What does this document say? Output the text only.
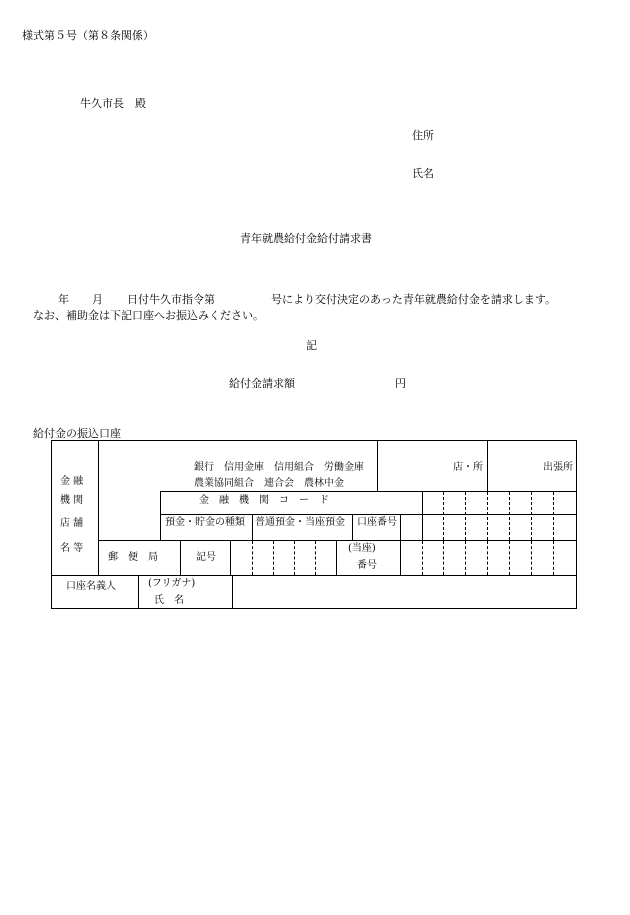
様式第５号（第８条関係）
牛久市長　殿
住所
氏名
青年就農給付金給付請求書
年 月 日付牛久市指令第	号により交付決定のあった青年就農給付金を請求します。
なお、補助金は下記口座へお振込みください。
記
給付金請求額	円
給付金の振込口座
金 融
機 関
店 舗
名 等
銀行　信用金庫　信用組合　労働金庫
農業協同組合　連合会　農林中金
店・所	出張所
金　融　機　関　コ　ー　ド
預金・貯金の種類 普通預金・当座預金 口座番号
郵　便　局	記号
(当座)
番号
口座名義人	(フリガナ)
氏　名
